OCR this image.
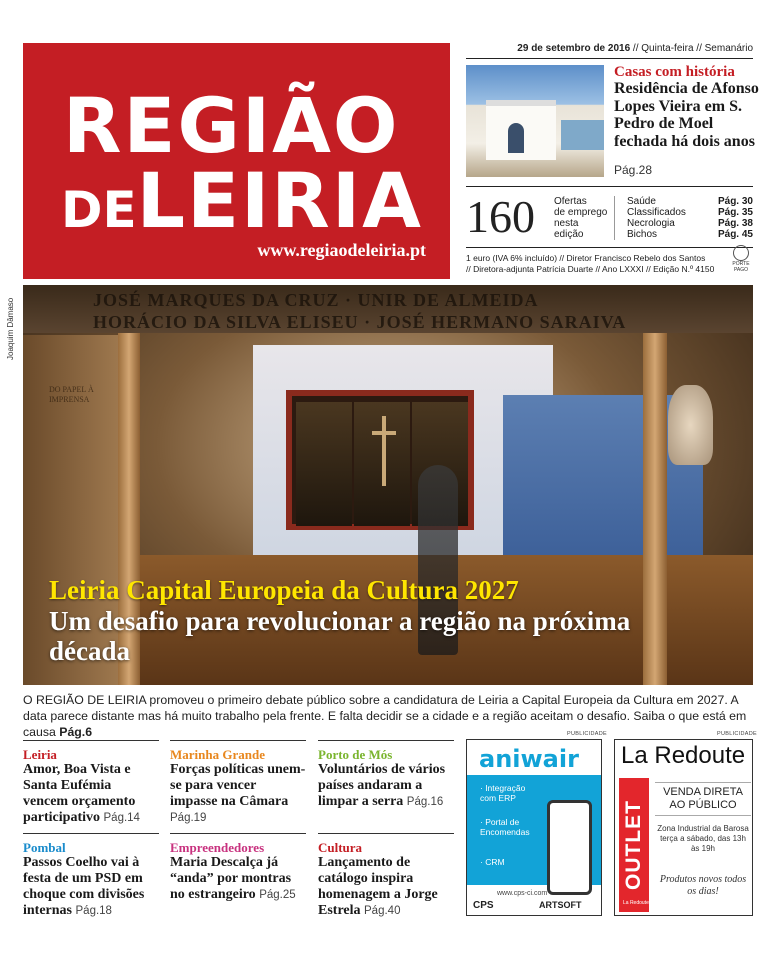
REGIÃO
DELEIRIA
www.regiaodeleiria.pt
29 de setembro de 2016 // Quinta-feira // Semanário
Casas com história
Residência de Afonso Lopes Vieira em S. Pedro de Moel fechada há dois anos
Pág.28
160 Ofertas
de emprego
nesta
edição
Saúde	Pág. 30
Classificados	Pág. 35
Necrologia	Pág. 38
Bichos	Pág. 45
1 euro (IVA 6% incluído) // Diretor Francisco Rebelo dos Santos
// Diretora-adjunta Patrícia Duarte // Ano LXXXI // Edição N.º 4150	PORTE
PAGO
Joaquim Dâmaso
DO PAPEL À IMPRENSA
JOSÉ MARQUES DA CRUZ · UNIR DE ALMEIDA
HORÁCIO DA SILVA ELISEU · JOSÉ HERMANO SARAIVA
Leiria Capital Europeia da Cultura 2027
Um desafio para revolucionar a região na próxima década
O REGIÃO DE LEIRIA promoveu o primeiro debate público sobre a candidatura de Leiria a Capital Europeia da Cultura em 2027. A data parece distante mas há muito trabalho pela frente. E falta decidir se a cidade e a região aceitam o desafio. Saiba o que está em causa Pág.6
Leiria
Amor, Boa Vista e Santa Eufémia vencem orçamento participativo Pág.14
Pombal
Passos Coelho vai à festa de um PSD em choque com divisões internas Pág.18
Marinha Grande
Forças políticas unem-se para vencer impasse na Câmara Pág.19
Empreendedores
Maria Descalça já “anda” por montras no estrangeiro Pág.25
Porto de Mós
Voluntários de vários países andaram a limpar a serra Pág.16
Cultura
Lançamento de catálogo inspira homenagem a Jorge Estrela Pág.40
PUBLICIDADE
aniwair
· Integração com ERP
· Portal de Encomendas
· CRM
www.cps-ci.com
CPS	ARTSOFT
PUBLICIDADE
La Redoute
OUTLET
VENDA DIRETA AO PÚBLICO
Zona Industrial da Barosa terça a sábado, das 13h às 19h
Produtos novos todos os dias!
La Redoute
